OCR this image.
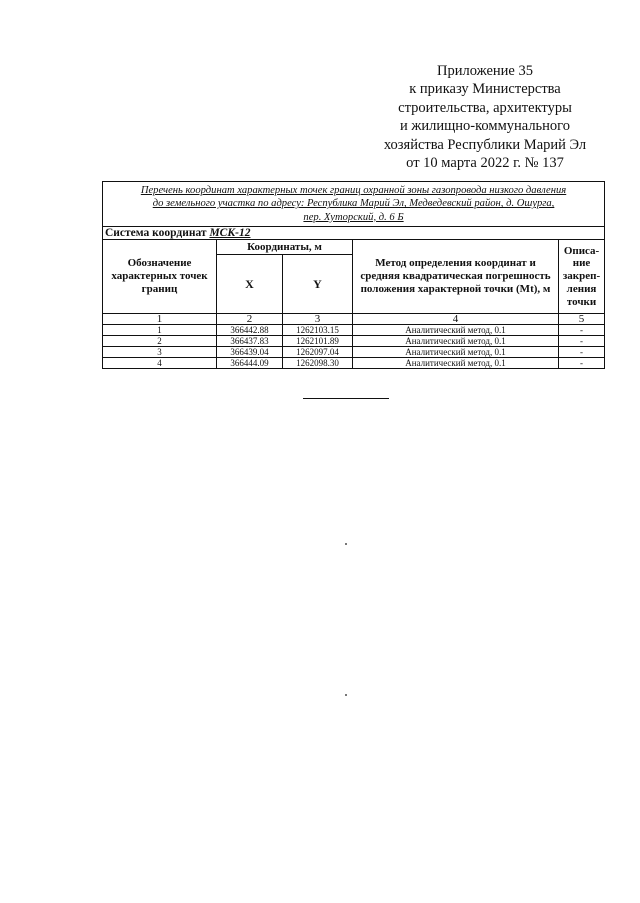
Приложение 35
к приказу Министерства
строительства, архитектуры
и жилищно-коммунального
хозяйства Республики Марий Эл
от 10 марта 2022 г. № 137
Перечень координат характерных точек границ охранной зоны газопровода низкого давления
до земельного участка по адресу: Республика Марий Эл, Медведевский район, д. Ошурга,
пер. Хуторский, д. 6 Б				

Система координат МСК-12				
Обозначение характерных точек границ	Координаты, м		Метод определения координат и средняя квадратическая погрешность положения характерной точки (Mt), м	Описа-ние закреп-ления точки
	X	Y		
1	2	3	4	5
1	366442.88	1262103.15	Аналитический метод, 0.1	-
2	366437.83	1262101.89	Аналитический метод, 0.1	-
3	366439.04	1262097.04	Аналитический метод, 0.1	-
4	366444.09	1262098.30	Аналитический метод, 0.1	-
